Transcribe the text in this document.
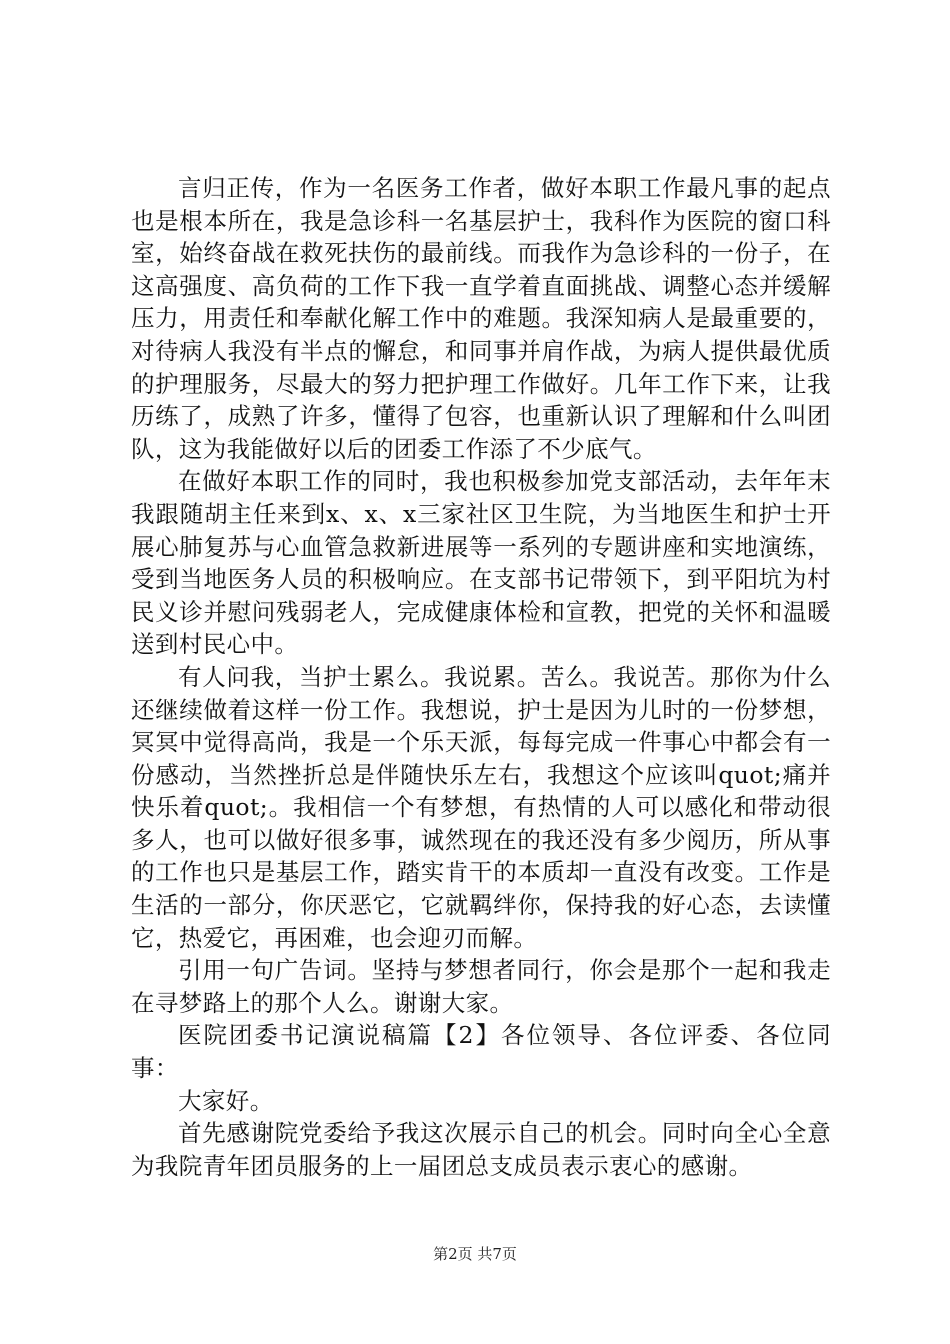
言归正传，作为一名医务工作者，做好本职工作最凡事的起点也是根本所在，我是急诊科一名基层护士，我科作为医院的窗口科室，始终奋战在救死扶伤的最前线。而我作为急诊科的一份子，在这高强度、高负荷的工作下我一直学着直面挑战、调整心态并缓解压力，用责任和奉献化解工作中的难题。我深知病人是最重要的，对待病人我没有半点的懈怠，和同事并肩作战，为病人提供最优质的护理服务，尽最大的努力把护理工作做好。几年工作下来，让我历练了，成熟了许多，懂得了包容，也重新认识了理解和什么叫团队，这为我能做好以后的团委工作添了不少底气。

在做好本职工作的同时，我也积极参加党支部活动，去年年末我跟随胡主任来到x、x、x三家社区卫生院，为当地医生和护士开展心肺复苏与心血管急救新进展等一系列的专题讲座和实地演练，受到当地医务人员的积极响应。在支部书记带领下，到平阳坑为村民义诊并慰问残弱老人，完成健康体检和宣教，把党的关怀和温暖送到村民心中。

有人问我，当护士累么。我说累。苦么。我说苦。那你为什么还继续做着这样一份工作。我想说，护士是因为儿时的一份梦想，冥冥中觉得高尚，我是一个乐天派，每每完成一件事心中都会有一份感动，当然挫折总是伴随快乐左右，我想这个应该叫quot;痛并快乐着quot;。我相信一个有梦想，有热情的人可以感化和带动很多人，也可以做好很多事，诚然现在的我还没有多少阅历，所从事的工作也只是基层工作，踏实肯干的本质却一直没有改变。工作是生活的一部分，你厌恶它，它就羁绊你，保持我的好心态，去读懂它，热爱它，再困难，也会迎刃而解。

引用一句广告词。坚持与梦想者同行，你会是那个一起和我走在寻梦路上的那个人么。谢谢大家。

医院团委书记演说稿篇【2】各位领导、各位评委、各位同事：

大家好。

首先感谢院党委给予我这次展示自己的机会。同时向全心全意为我院青年团员服务的上一届团总支成员表示衷心的感谢。

第2页 共7页
